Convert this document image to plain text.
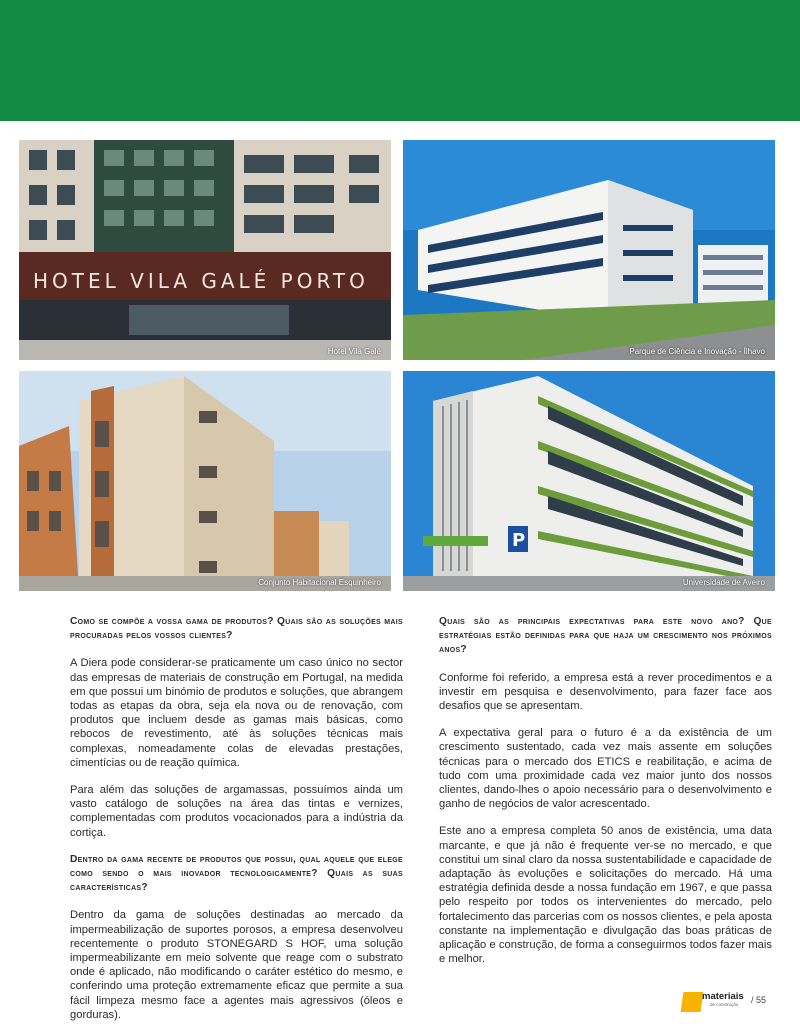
HOTEL VILA GALÉ PORTO
Hotel Vila Galé	Parque de Ciência e Inovação - Ílhavo
Conjunto Habitacional Esquinheiro
P
Universidade de Aveiro
Como se compõe a vossa gama de produtos? Quais são as soluções mais procuradas pelos vossos clientes?

A Diera pode considerar-se praticamente um caso único no sector das empresas de materiais de construção em Portugal, na medida em que possui um binómio de produtos e soluções, que abrangem todas as etapas da obra, seja ela nova ou de renovação, com produtos que incluem desde as gamas mais básicas, como rebocos de revestimento, até às soluções técnicas mais complexas, nomeadamente colas de elevadas prestações, cimentícias ou de reação química.

Para além das soluções de argamassas, possuímos ainda um vasto catálogo de soluções na área das tintas e vernizes, complementadas com produtos vocacionados para a indústria da cortiça.

Dentro da gama recente de produtos que possui, qual aquele que elege como sendo o mais inovador tecnologicamente? Quais as suas características?

Dentro da gama de soluções destinadas ao mercado da impermeabilização de suportes porosos, a empresa desenvolveu recentemente o produto STONEGARD S HOF, uma solução impermeabilizante em meio solvente que reage com o substrato onde é aplicado, não modificando o caráter estético do mesmo, e conferindo uma proteção extremamente eficaz que permite a sua fácil limpeza mesmo face a agentes mais agressivos (óleos e gorduras).

Quais são as principais expectativas para este novo ano? Que estratégias estão definidas para que haja um crescimento nos próximos anos?

Conforme foi referido, a empresa está a rever procedimentos e a investir em pesquisa e desenvolvimento, para fazer face aos desafios que se apresentam.

A expectativa geral para o futuro é a da existência de um crescimento sustentado, cada vez mais assente em soluções técnicas para o mercado dos ETICS e reabilitação, e acima de tudo com uma proximidade cada vez maior junto dos nossos clientes, dando-lhes o apoio necessário para o desenvolvimento e ganho de negócios de valor acrescentado.

Este ano a empresa completa 50 anos de existência, uma data marcante, e que já não é frequente ver-se no mercado, e que constitui um sinal claro da nossa sustentabilidade e capacidade de adaptação às evoluções e solicitações do mercado. Há uma estratégia definida desde a nossa fundação em 1967, e que passa pelo respeito por todos os intervenientes do mercado, pelo fortalecimento das parcerias com os nossos clientes, e pela aposta constante na implementação e divulgação das boas práticas de aplicação e construção, de forma a conseguirmos todos fazer mais e melhor.

materiais
de construção / 55
